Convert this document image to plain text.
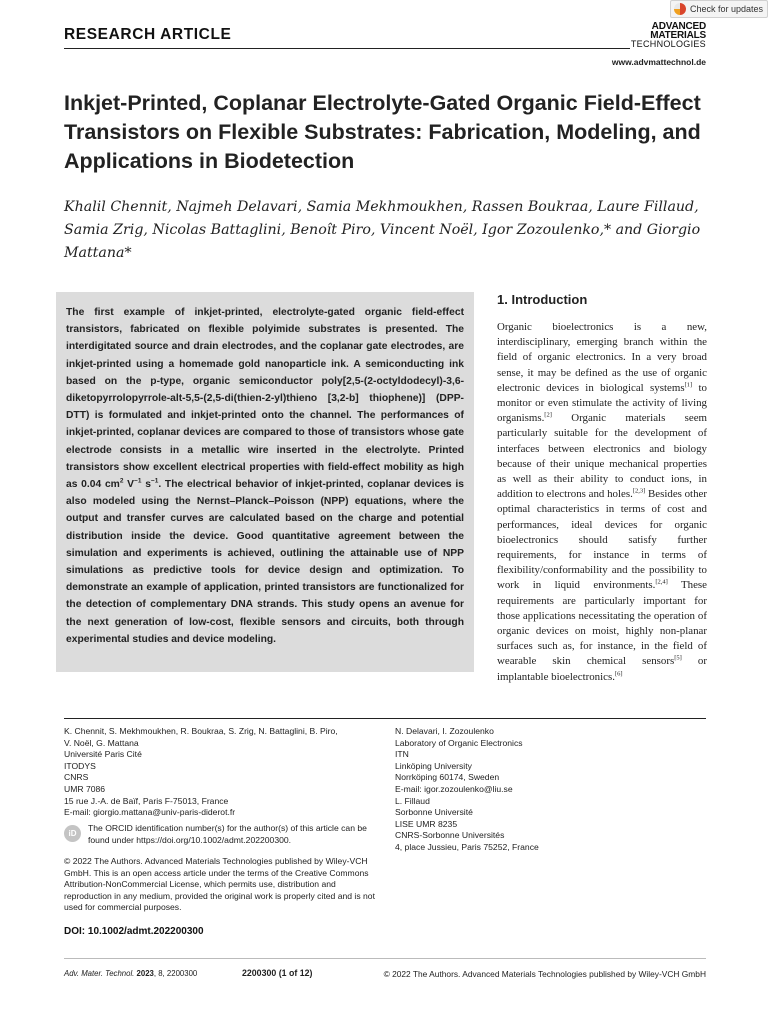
Check for updates
RESEARCH ARTICLE	ADVANCED
MATERIALS
TECHNOLOGIES
www.advmattechnol.de
Inkjet-Printed, Coplanar Electrolyte-Gated Organic Field-Effect Transistors on Flexible Substrates: Fabrication, Modeling, and Applications in Biodetection
Khalil Chennit, Najmeh Delavari, Samia Mekhmoukhen, Rassen Boukraa, Laure Fillaud, Samia Zrig, Nicolas Battaglini, Benoît Piro, Vincent Noël, Igor Zozoulenko,* and Giorgio Mattana*
The first example of inkjet-printed, electrolyte-gated organic field-effect transistors, fabricated on flexible polyimide substrates is presented. The interdigitated source and drain electrodes, and the coplanar gate electrodes, are inkjet-printed using a homemade gold nanoparticle ink. A semiconducting ink based on the p-type, organic semiconductor poly[2,5-(2-octyldodecyl)-3,6-diketopyrrolopyrrole-alt-5,5-(2,5-di(thien-2-yl)thieno [3,2-b] thiophene)] (DPP-DTT) is formulated and inkjet-printed onto the channel. The performances of inkjet-printed, coplanar devices are compared to those of transistors whose gate electrode consists in a metallic wire inserted in the electrolyte. Printed transistors show excellent electrical properties with field-effect mobility as high as 0.04 $cm^2$ $V^{-1}$ $s^{-1}$. The electrical behavior of inkjet-printed, coplanar devices is also modeled using the Nernst–Planck–Poisson (NPP) equations, where the output and transfer curves are calculated based on the charge and potential distribution inside the device. Good quantitative agreement between the simulation and experiments is achieved, outlining the attainable use of NPP simulations as predictive tools for device design and optimization. To demonstrate an example of application, printed transistors are functionalized for the detection of complementary DNA strands. This study opens an avenue for the next generation of low-cost, flexible sensors and circuits, both through experimental studies and device modeling.
1. Introduction
Organic bioelectronics is a new, interdisciplinary, emerging branch within the field of organic electronics. In a very broad sense, it may be defined as the use of organic electronic devices in biological systems[1] to monitor or even stimulate the activity of living organisms.[2] Organic materials seem particularly suitable for the development of interfaces between electronics and biology because of their unique mechanical properties as well as their ability to conduct ions, in addition to electrons and holes.[2,3] Besides other optimal characteristics in terms of cost and performances, ideal devices for organic bioelectronics should satisfy further requirements, for instance in terms of flexibility/conformability and the possibility to work in liquid environments.[2,4] These requirements are particularly important for those applications necessitating the operation of organic devices on moist, highly non-planar surfaces such as, for instance, in the field of wearable skin chemical sensors[5] or implantable bioelectronics.[6]
K. Chennit, S. Mekhmoukhen, R. Boukraa, S. Zrig, N. Battaglini, B. Piro,
V. Noël, G. Mattana
Université Paris Cité
ITODYS
CNRS
UMR 7086
15 rue J.-A. de Baïf, Paris F-75013, France
E-mail: giorgio.mattana@univ-paris-diderot.fr
N. Delavari, I. Zozoulenko
Laboratory of Organic Electronics
ITN
Linköping University
Norrköping 60174, Sweden
E-mail: igor.zozoulenko@liu.se
L. Fillaud
Sorbonne Université
LISE UMR 8235
CNRS-Sorbonne Universités
4, place Jussieu, Paris 75252, France
iD
The ORCID identification number(s) for the author(s) of this article can be found under https://doi.org/10.1002/admt.202200300.
© 2022 The Authors. Advanced Materials Technologies published by Wiley-VCH GmbH. This is an open access article under the terms of the Creative Commons Attribution-NonCommercial License, which permits use, distribution and reproduction in any medium, provided the original work is properly cited and is not used for commercial purposes.
DOI: 10.1002/admt.202200300
Adv. Mater. Technol. 2023, 8, 2200300	2200300 (1 of 12)	© 2022 The Authors. Advanced Materials Technologies published by Wiley-VCH GmbH
